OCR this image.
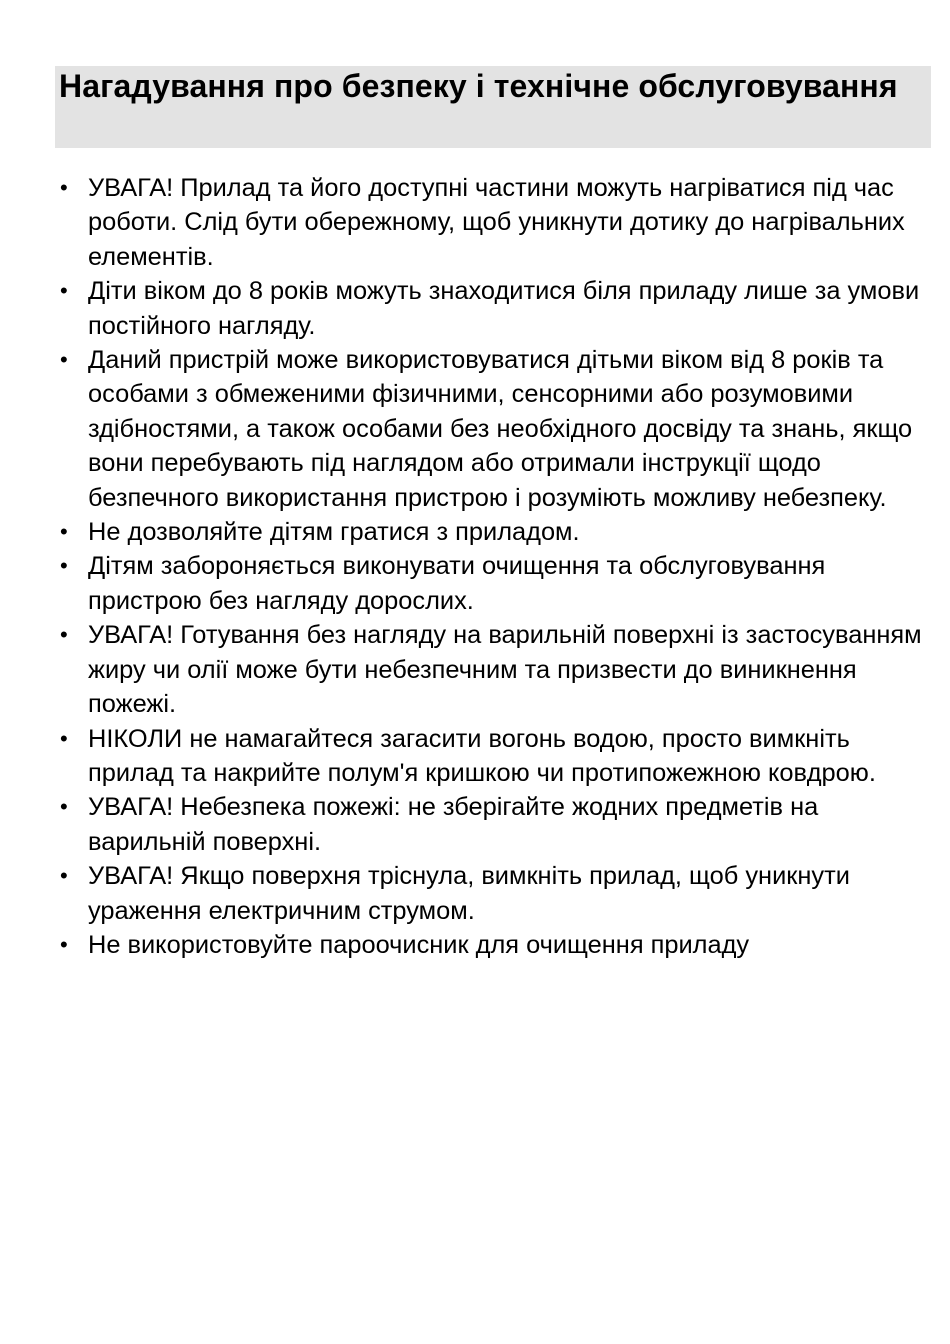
Нагадування про безпеку і технічне обслуговування
• УВАГА! Прилад та його доступні частини можуть нагріватися під час роботи. Слід бути обережному, щоб уникнути дотику до нагрівальних елементів.
• Діти віком до 8 років можуть знаходитися біля приладу лише за умови постійного нагляду.
• Даний пристрій може використовуватися дітьми віком від 8 років та особами з обмеженими фізичними, сенсорними або розумовими здібностями, а також особами без необхідного досвіду та знань, якщо вони перебувають під наглядом або отримали інструкції щодо безпечного використання пристрою і розуміють можливу небезпеку.
• Не дозволяйте дітям гратися з приладом.
• Дітям забороняється виконувати очищення та обслуговування пристрою без нагляду дорослих.
• УВАГА! Готування без нагляду на варильній поверхні із застосуванням жиру чи олії може бути небезпечним та призвести до виникнення пожежі.
• НІКОЛИ не намагайтеся загасити вогонь водою, просто вимкніть прилад та накрийте полум'я кришкою чи протипожежною ковдрою.
• УВАГА! Небезпека пожежі: не зберігайте жодних предметів на варильній поверхні.
• УВАГА! Якщо поверхня тріснула, вимкніть прилад, щоб уникнути ураження електричним струмом.
• Не використовуйте пароочисник для очищення приладу
